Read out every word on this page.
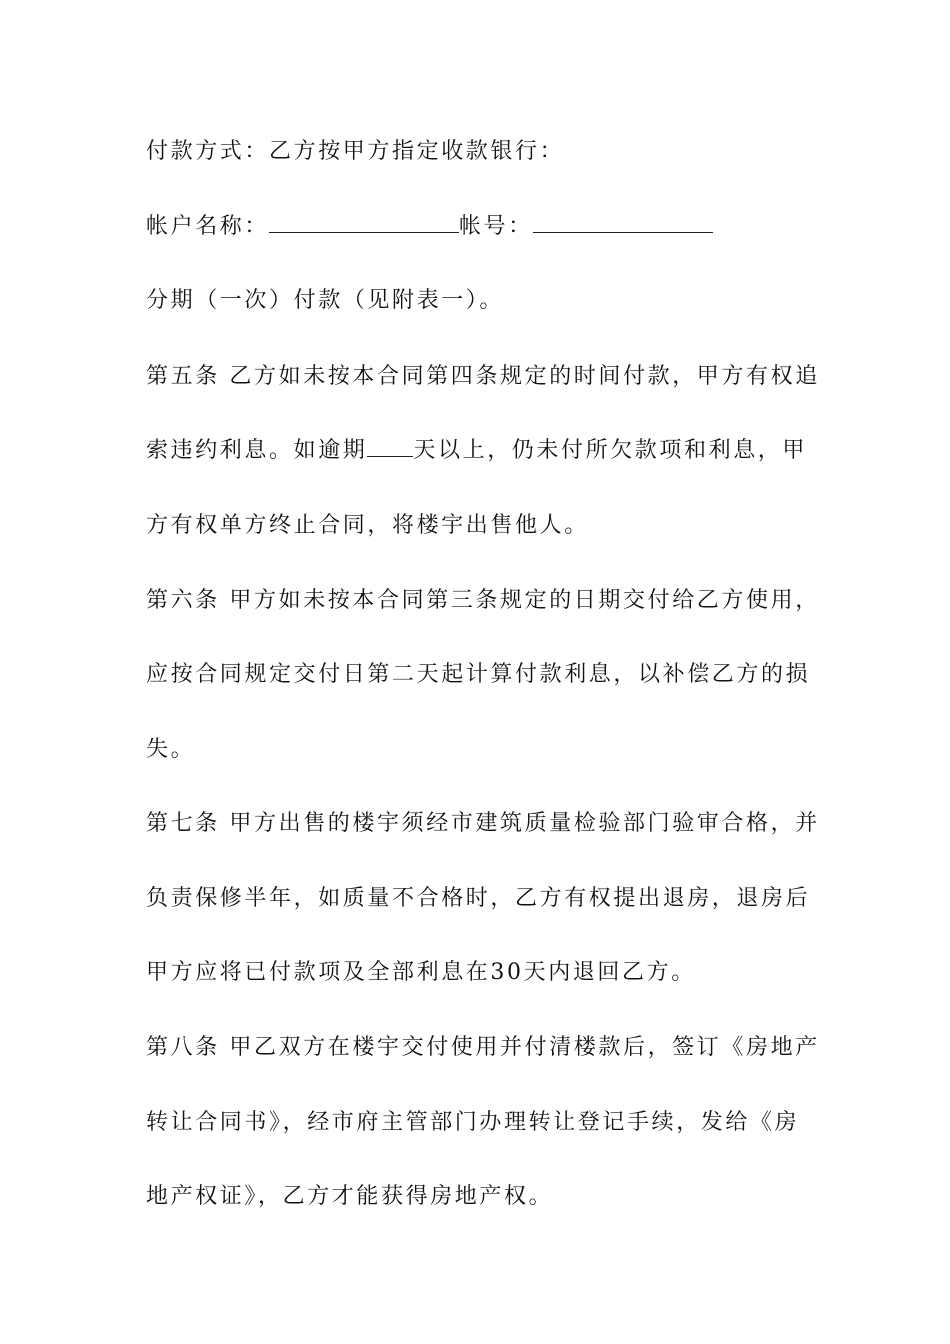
付款方式：乙方按甲方指定收款银行：

帐户名称：	帐号：

分期（一次）付款（见附表一）。

第五条 乙方如未按本合同第四条规定的时间付款，甲方有权追

索违约利息。如逾期 天以上，仍未付所欠款项和利息，甲

方有权单方终止合同，将楼宇出售他人。

第六条 甲方如未按本合同第三条规定的日期交付给乙方使用，

应按合同规定交付日第二天起计算付款利息，以补偿乙方的损

失。

第七条 甲方出售的楼宇须经市建筑质量检验部门验审合格，并

负责保修半年，如质量不合格时，乙方有权提出退房，退房后

甲方应将已付款项及全部利息在30天内退回乙方。

第八条 甲乙双方在楼宇交付使用并付清楼款后，签订《房地产

转让合同书》，经市府主管部门办理转让登记手续，发给《房

地产权证》，乙方才能获得房地产权。
